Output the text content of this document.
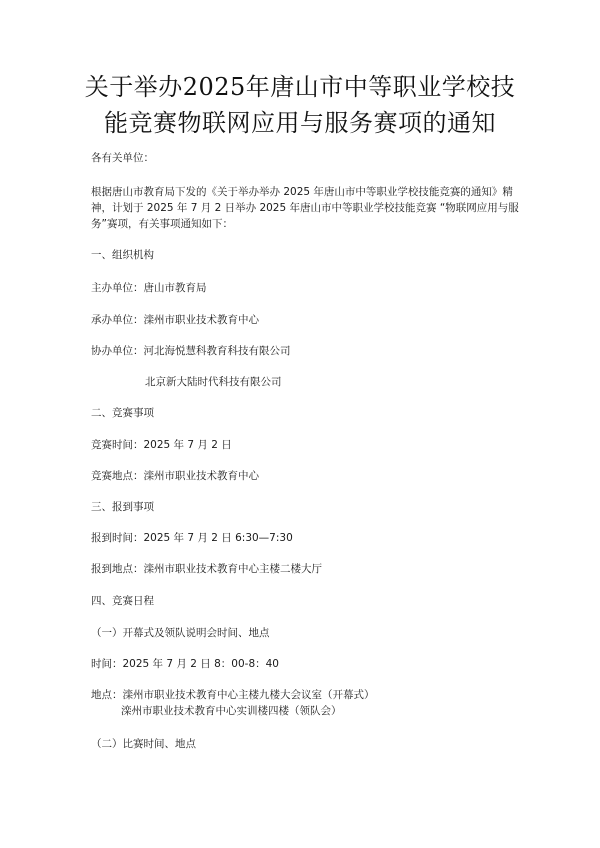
关于举办2025年唐山市中等职业学校技
能竞赛物联网应用与服务赛项的通知
各有关单位：
根据唐山市教育局下发的《关于举办举办 2025 年唐山市中等职业学校技能竞赛的通知》精
神，计划于 2025 年 7 月 2 日举办 2025 年唐山市中等职业学校技能竞赛 “物联网应用与服
务”赛项，有关事项通知如下：
一、组织机构
主办单位：唐山市教育局
承办单位：滦州市职业技术教育中心
协办单位：河北海悦慧科教育科技有限公司
北京新大陆时代科技有限公司
二、竞赛事项
竞赛时间：2025 年 7 月 2 日
竞赛地点：滦州市职业技术教育中心
三、报到事项
报到时间：2025 年 7 月 2 日 6:30—7:30
报到地点：滦州市职业技术教育中心主楼二楼大厅
四、竞赛日程
（一）开幕式及领队说明会时间、地点
时间：2025 年 7 月 2 日 8：00-8：40
地点：滦州市职业技术教育中心主楼九楼大会议室（开幕式）
滦州市职业技术教育中心实训楼四楼（领队会）
（二）比赛时间、地点
